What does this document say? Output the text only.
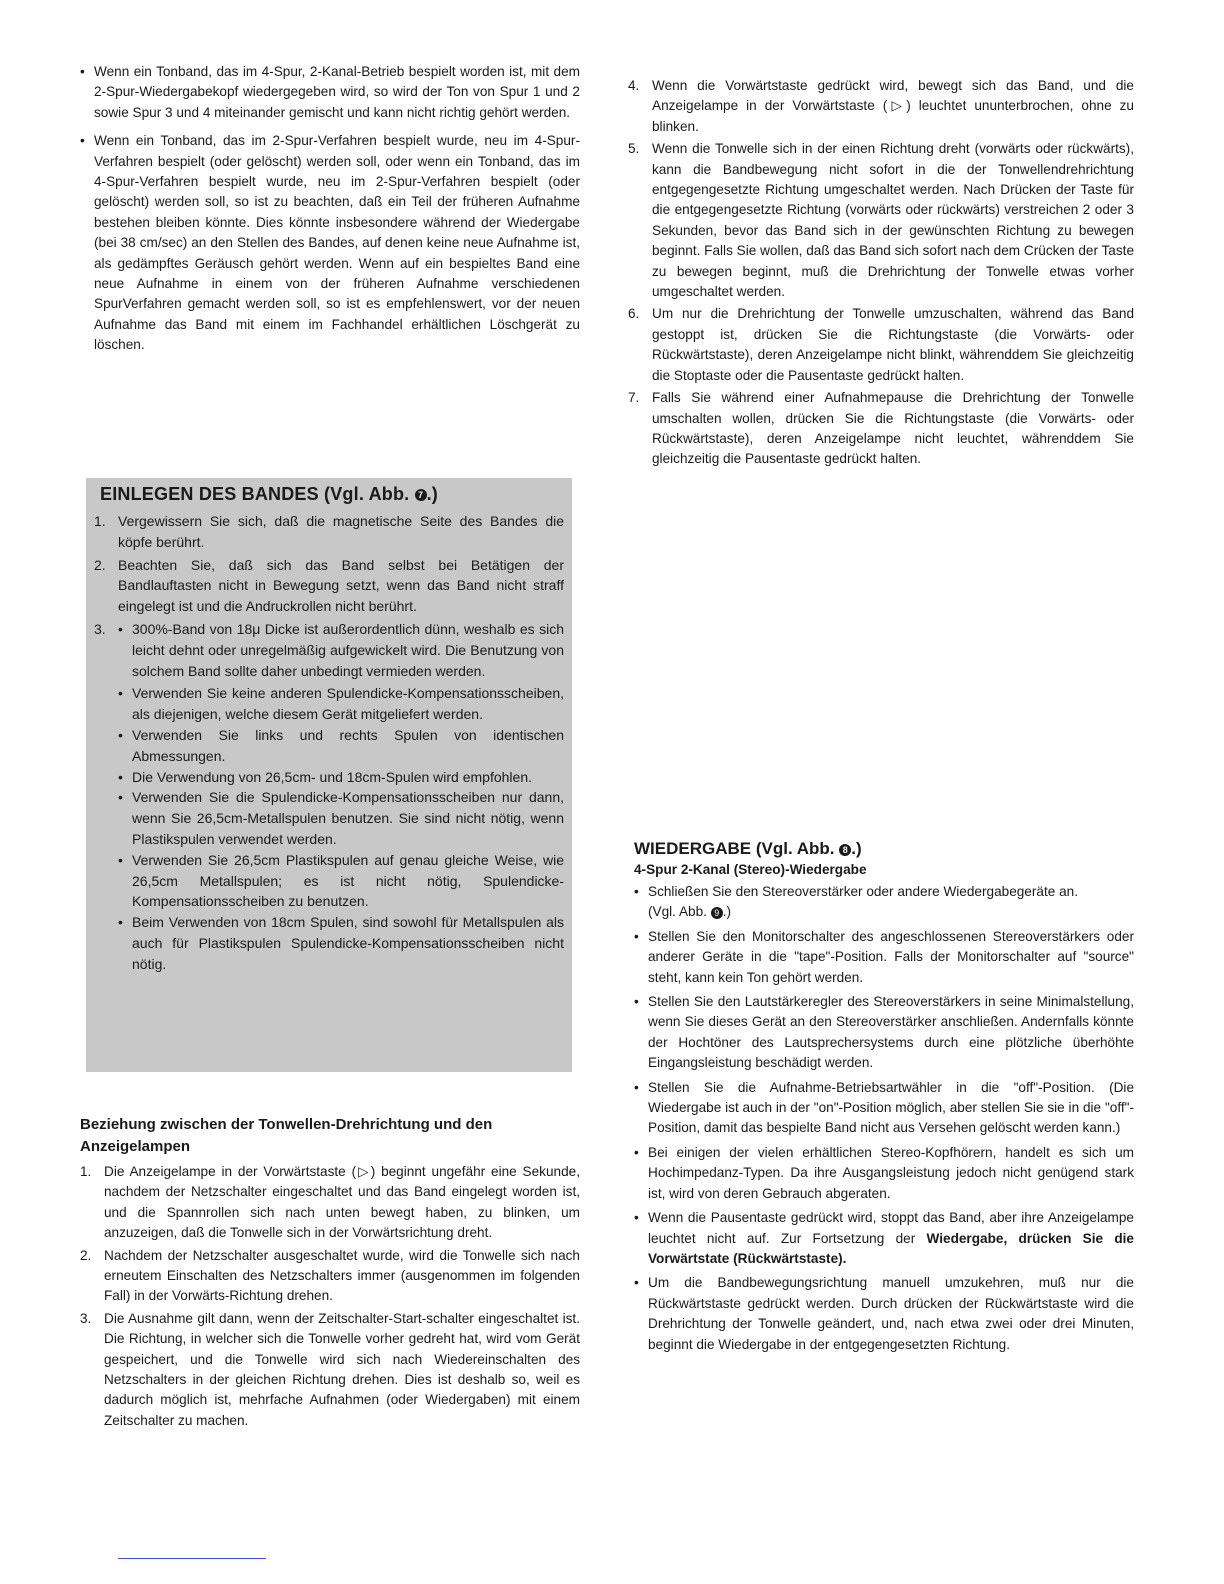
• Wenn ein Tonband, das im 4-Spur, 2-Kanal-Betrieb bespielt worden ist, mit dem 2-Spur-Wiedergabekopf wiedergegeben wird, so wird der Ton von Spur 1 und 2 sowie Spur 3 und 4 miteinander gemischt und kann nicht richtig gehört werden.
• Wenn ein Tonband, das im 2-Spur-Verfahren bespielt wurde, neu im 4-Spur-Verfahren bespielt (oder gelöscht) werden soll, oder wenn ein Tonband, das im 4-Spur-Verfahren bespielt wurde, neu im 2-Spur-Verfahren bespielt (oder gelöscht) werden soll, so ist zu beachten, daß ein Teil der früheren Aufnahme bestehen bleiben könnte. Dies könnte insbesondere während der Wiedergabe (bei 38 cm/sec) an den Stellen des Bandes, auf denen keine neue Aufnahme ist, als gedämpftes Geräusch gehört werden. Wenn auf ein bespieltes Band eine neue Aufnahme in einem von der früheren Aufnahme verschiedenen SpurVerfahren gemacht werden soll, so ist es empfehlenswert, vor der neuen Aufnahme das Band mit einem im Fachhandel erhältlichen Löschgerät zu löschen.
EINLEGEN DES BANDES (Vgl. Abb. 7 .)
1. Vergewissern Sie sich, daß die magnetische Seite des Bandes die köpfe berührt.
2. Beachten Sie, daß sich das Band selbst bei Betätigen der Bandlauftasten nicht in Bewegung setzt, wenn das Band nicht straff eingelegt ist und die Andruckrollen nicht berührt.
3. • 300%-Band von 18μ Dicke ist außerordentlich dünn, weshalb es sich leicht dehnt oder unregelmäßig aufgewickelt wird. Die Benutzung von solchem Band sollte daher unbedingt vermieden werden.
• Verwenden Sie keine anderen Spulendicke-Kompensationsscheiben, als diejenigen, welche diesem Gerät mitgeliefert werden.
• Verwenden Sie links und rechts Spulen von identischen Abmessungen.
• Die Verwendung von 26,5cm- und 18cm-Spulen wird empfohlen.
• Verwenden Sie die Spulendicke-Kompensationsscheiben nur dann, wenn Sie 26,5cm-Metallspulen benutzen. Sie sind nicht nötig, wenn Plastikspulen verwendet werden.
• Verwenden Sie 26,5cm Plastikspulen auf genau gleiche Weise, wie 26,5cm Metallspulen; es ist nicht nötig, Spulendicke-Kompensationsscheiben zu benutzen.
• Beim Verwenden von 18cm Spulen, sind sowohl für Metallspulen als auch für Plastikspulen Spulendicke-Kompensationsscheiben nicht nötig.

Beziehung zwischen der Tonwellen-Drehrichtung und den Anzeigelampen

1. Die Anzeigelampe in der Vorwärtstaste (▷) beginnt ungefähr eine Sekunde, nachdem der Netzschalter eingeschaltet und das Band eingelegt worden ist, und die Spannrollen sich nach unten bewegt haben, zu blinken, um anzuzeigen, daß die Tonwelle sich in der Vorwärtsrichtung dreht.
2. Nachdem der Netzschalter ausgeschaltet wurde, wird die Tonwelle sich nach erneutem Einschalten des Netzschalters immer (ausgenommen im folgenden Fall) in der Vorwärts-Richtung drehen.
3. Die Ausnahme gilt dann, wenn der Zeitschalter-Start-schalter eingeschaltet ist. Die Richtung, in welcher sich die Tonwelle vorher gedreht hat, wird vom Gerät gespeichert, und die Tonwelle wird sich nach Wiedereinschalten des Netzschalters in der gleichen Richtung drehen. Dies ist deshalb so, weil es dadurch möglich ist, mehrfache Aufnahmen (oder Wiedergaben) mit einem Zeitschalter zu machen.
4. Wenn die Vorwärtstaste gedrückt wird, bewegt sich das Band, und die Anzeigelampe in der Vorwärtstaste (▷) leuchtet ununterbrochen, ohne zu blinken.
5. Wenn die Tonwelle sich in der einen Richtung dreht (vorwärts oder rückwärts), kann die Bandbewegung nicht sofort in die der Tonwellendrehrichtung entgegengesetzte Richtung umgeschaltet werden. Nach Drücken der Taste für die entgegengesetzte Richtung (vorwärts oder rückwärts) verstreichen 2 oder 3 Sekunden, bevor das Band sich in der gewünschten Richtung zu bewegen beginnt. Falls Sie wollen, daß das Band sich sofort nach dem Crücken der Taste zu bewegen beginnt, muß die Drehrichtung der Tonwelle etwas vorher umgeschaltet werden.
6. Um nur die Drehrichtung der Tonwelle umzuschalten, während das Band gestoppt ist, drücken Sie die Richtungstaste (die Vorwärts- oder Rückwärtstaste), deren Anzeigelampe nicht blinkt, währenddem Sie gleichzeitig die Stoptaste oder die Pausentaste gedrückt halten.
7. Falls Sie während einer Aufnahmepause die Drehrichtung der Tonwelle umschalten wollen, drücken Sie die Richtungstaste (die Vorwärts- oder Rückwärtstaste), deren Anzeigelampe nicht leuchtet, währenddem Sie gleichzeitig die Pausentaste gedrückt halten.

WIEDERGABE (Vgl. Abb. 8 .)

4-Spur 2-Kanal (Stereo)-Wiedergabe

• Schließen Sie den Stereoverstärker oder andere Wiedergabegeräte an.
(Vgl. Abb. 9 .)
• Stellen Sie den Monitorschalter des angeschlossenen Stereoverstärkers oder anderer Geräte in die "tape"-Position. Falls der Monitorschalter auf "source" steht, kann kein Ton gehört werden.
• Stellen Sie den Lautstärkeregler des Stereoverstärkers in seine Minimalstellung, wenn Sie dieses Gerät an den Stereoverstärker anschließen. Andernfalls könnte der Hochtöner des Lautsprechersystems durch eine plötzliche überhöhte Eingangsleistung beschädigt werden.
• Stellen Sie die Aufnahme-Betriebsartwähler in die "off"-Position. (Die Wiedergabe ist auch in der "on"-Position möglich, aber stellen Sie sie in die "off"-Position, damit das bespielte Band nicht aus Versehen gelöscht werden kann.)
• Bei einigen der vielen erhältlichen Stereo-Kopfhörern, handelt es sich um Hochimpedanz-Typen. Da ihre Ausgangsleistung jedoch nicht genügend stark ist, wird von deren Gebrauch abgeraten.
• Wenn die Pausentaste gedrückt wird, stoppt das Band, aber ihre Anzeigelampe leuchtet nicht auf. Zur Fortsetzung der Wiedergabe, drücken Sie die Vorwärtstate (Rückwärtstaste).
• Um die Bandbewegungsrichtung manuell umzukehren, muß nur die Rückwärtstaste gedrückt werden. Durch drücken der Rückwärtstaste wird die Drehrichtung der Tonwelle geändert, und, nach etwa zwei oder drei Minuten, beginnt die Wiedergabe in der entgegengesetzten Richtung.
